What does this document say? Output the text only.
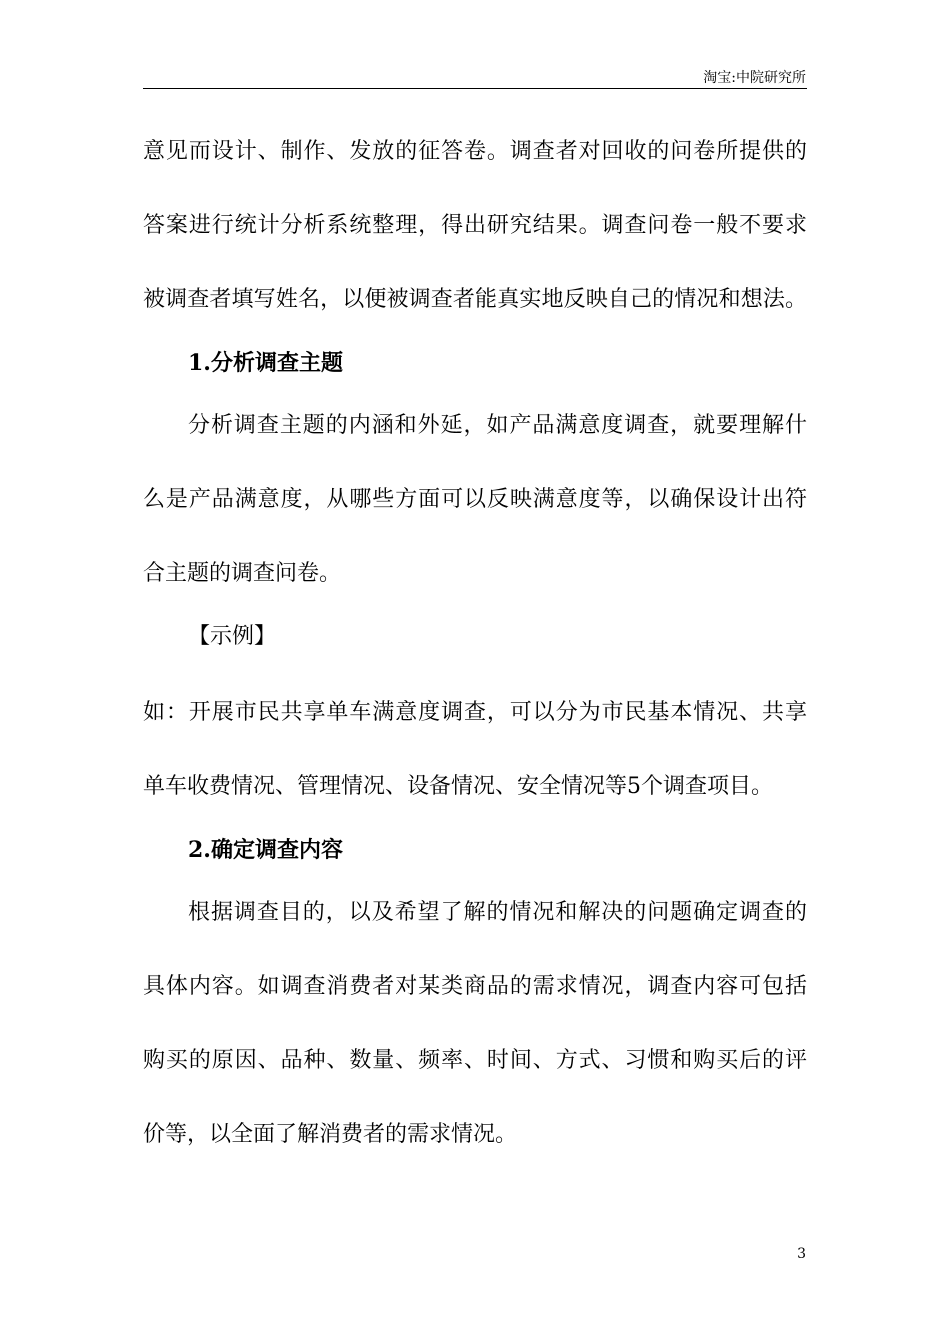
淘宝:中院研究所
意见而设计、制作、发放的征答卷。调查者对回收的问卷所提供的
答案进行统计分析系统整理，得出研究结果。调查问卷一般不要求
被调查者填写姓名，以便被调查者能真实地反映自己的情况和想法。
1.分析调查主题
分析调查主题的内涵和外延，如产品满意度调查，就要理解什
么是产品满意度，从哪些方面可以反映满意度等，以确保设计出符
合主题的调查问卷。
【示例】
如：开展市民共享单车满意度调查，可以分为市民基本情况、共享
单车收费情况、管理情况、设备情况、安全情况等5个调查项目。
2.确定调查内容
根据调查目的，以及希望了解的情况和解决的问题确定调查的
具体内容。如调查消费者对某类商品的需求情况，调查内容可包括
购买的原因、品种、数量、频率、时间、方式、习惯和购买后的评
价等，以全面了解消费者的需求情况。
3
